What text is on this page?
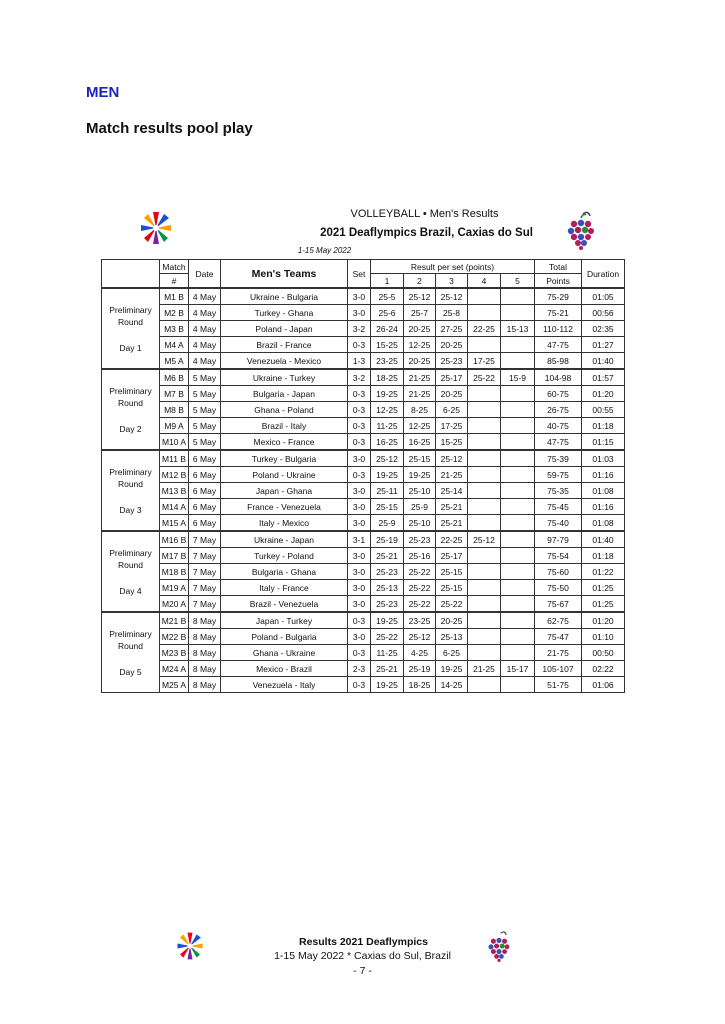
MEN
Match results pool play
VOLLEYBALL • Men's Results
2021 Deaflympics Brazil, Caxias do Sul
1-15 May 2022
	Match	Date	Men's Teams	Set	Result per set (points)					Total	Duration
	#				1	2	3	4	5	Points	

Preliminary
Round
Day 1	M1 B	4 May	Ukraine - Bulgaria	3-0	25-5	25-12	25-12			75-29	01:05
	M2 B	4 May	Turkey - Ghana	3-0	25-6	25-7	25-8			75-21	00:56
	M3 B	4 May	Poland - Japan	3-2	26-24	20-25	27-25	22-25	15-13	110-112	02:35
	M4 A	4 May	Brazil - France	0-3	15-25	12-25	20-25			47-75	01:27
	M5 A	4 May	Venezuela - Mexico	1-3	23-25	20-25	25-23	17-25		85-98	01:40

Preliminary
Round
Day 2	M6 B	5 May	Ukraine - Turkey	3-2	18-25	21-25	25-17	25-22	15-9	104-98	01:57
	M7 B	5 May	Bulgaria - Japan	0-3	19-25	21-25	20-25			60-75	01:20
	M8 B	5 May	Ghana - Poland	0-3	12-25	8-25	6-25			26-75	00:55
	M9 A	5 May	Brazil - Italy	0-3	11-25	12-25	17-25			40-75	01:18
	M10 A	5 May	Mexico - France	0-3	16-25	16-25	15-25			47-75	01:15

Preliminary
Round
Day 3	M11 B	6 May	Turkey - Bulgaria	3-0	25-12	25-15	25-12			75-39	01:03
	M12 B	6 May	Poland - Ukraine	0-3	19-25	19-25	21-25			59-75	01:16
	M13 B	6 May	Japan - Ghana	3-0	25-11	25-10	25-14			75-35	01:08
	M14 A	6 May	France - Venezuela	3-0	25-15	25-9	25-21			75-45	01:16
	M15 A	6 May	Italy - Mexico	3-0	25-9	25-10	25-21			75-40	01:08

Preliminary
Round
Day 4	M16 B	7 May	Ukraine - Japan	3-1	25-19	25-23	22-25	25-12		97-79	01:40
	M17 B	7 May	Turkey - Poland	3-0	25-21	25-16	25-17			75-54	01:18
	M18 B	7 May	Bulgaria - Ghana	3-0	25-23	25-22	25-15			75-60	01:22
	M19 A	7 May	Italy - France	3-0	25-13	25-22	25-15			75-50	01:25
	M20 A	7 May	Brazil - Venezuela	3-0	25-23	25-22	25-22			75-67	01:25

Preliminary
Round
Day 5	M21 B	8 May	Japan - Turkey	0-3	19-25	23-25	20-25			62-75	01:20
	M22 B	8 May	Poland - Bulgaria	3-0	25-22	25-12	25-13			75-47	01:10
	M23 B	8 May	Ghana - Ukraine	0-3	11-25	4-25	6-25			21-75	00:50
	M24 A	8 May	Mexico - Brazil	2-3	25-21	25-19	19-25	21-25	15-17	105-107	02:22
	M25 A	8 May	Venezuela - Italy	0-3	19-25	18-25	14-25			51-75	01:06
Results 2021 Deaflympics
1-15 May 2022 * Caxias do Sul, Brazil
- 7 -
